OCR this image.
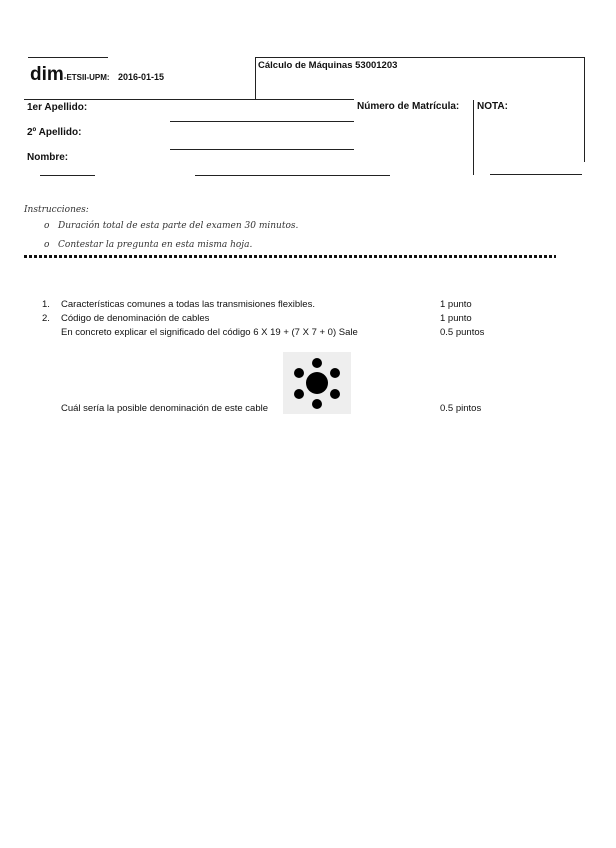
dim-ETSII-UPM: 2016-01-15
Cálculo de Máquinas 53001203
1er Apellido:
2º Apellido:
Nombre:
Número de Matrícula: NOTA:
Instrucciones:
o Duración total de esta parte del examen 30 minutos.
o Contestar la pregunta en esta misma hoja.
1. Características comunes a todas las transmisiones flexibles.	1 punto
2. Código de denominación de cables	1 punto
En concreto explicar el significado del código 6 X 19 + (7 X 7 + 0) Sale	0.5 puntos
Cuál sería la posible denominación de este cable	0.5 pintos
